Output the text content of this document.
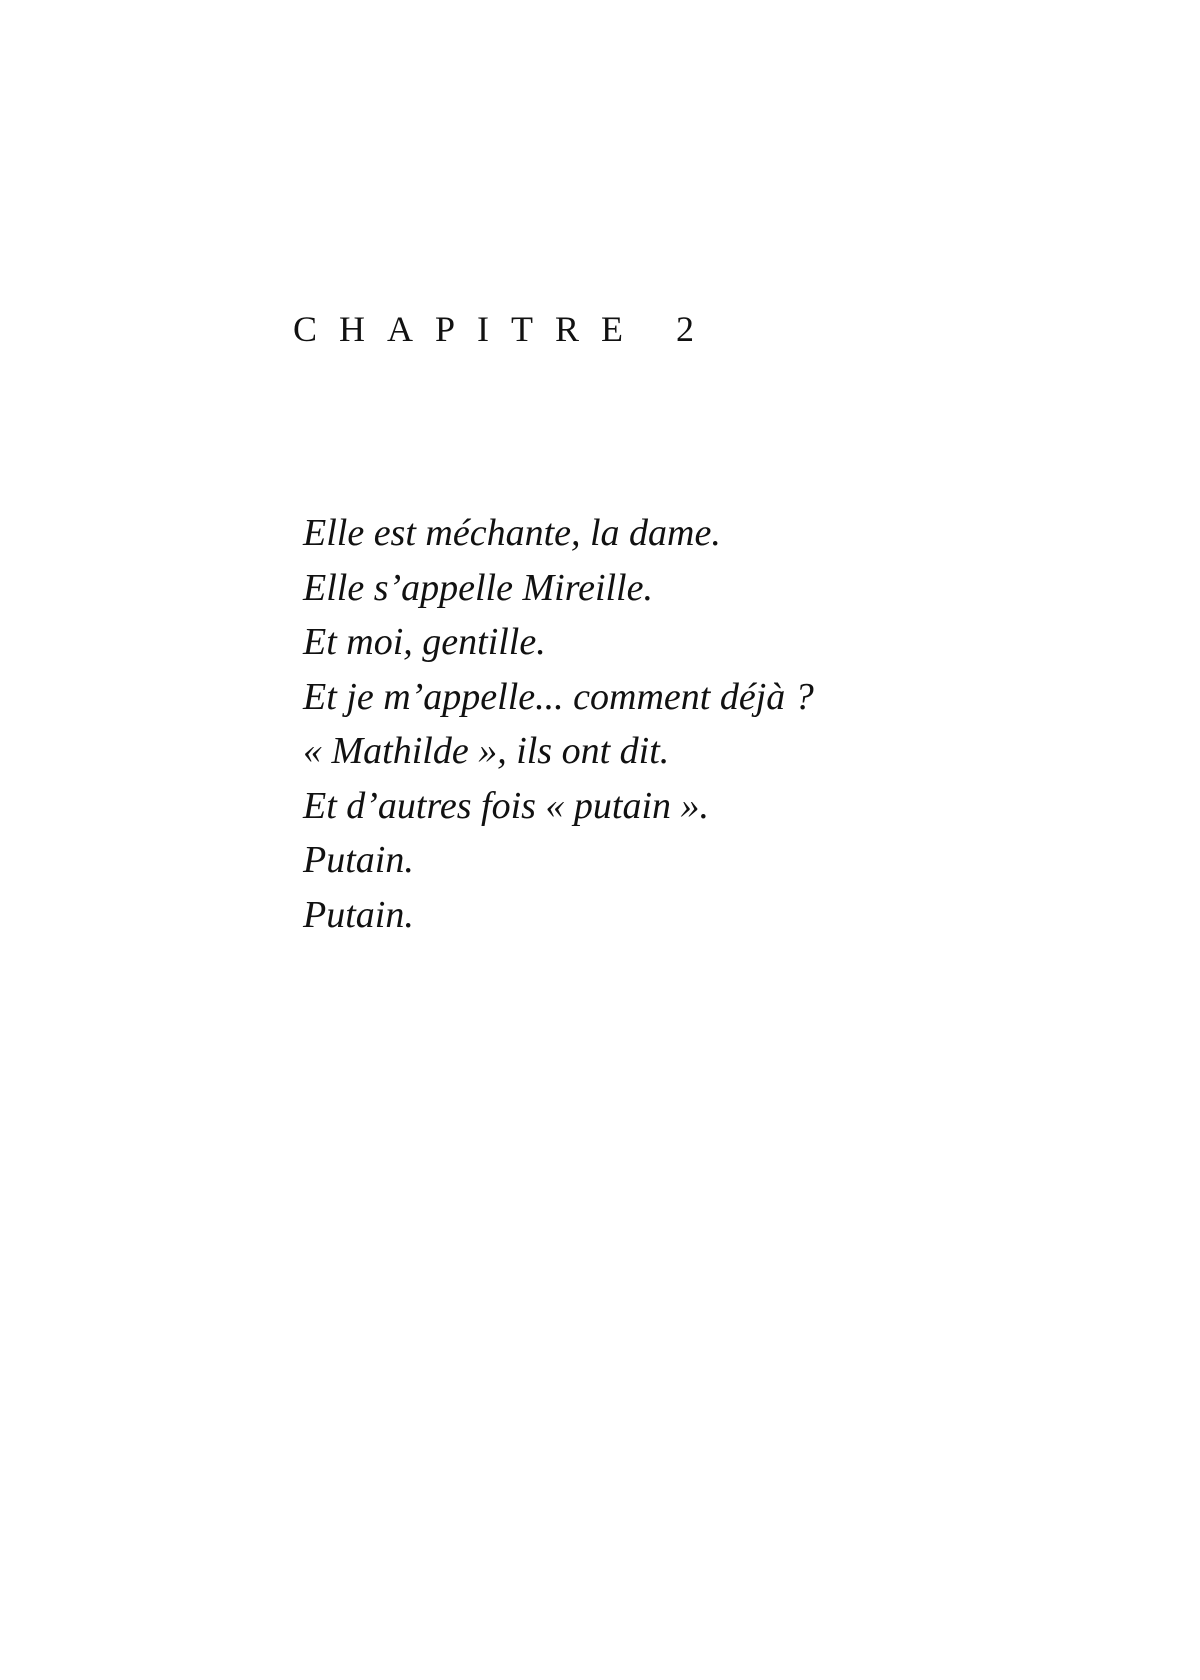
CHAPITRE 2
Elle est méchante, la dame.
Elle s’appelle Mireille.
Et moi, gentille.
Et je m’appelle... comment déjà ?
« Mathilde », ils ont dit.
Et d’autres fois « putain ».
Putain.
Putain.
